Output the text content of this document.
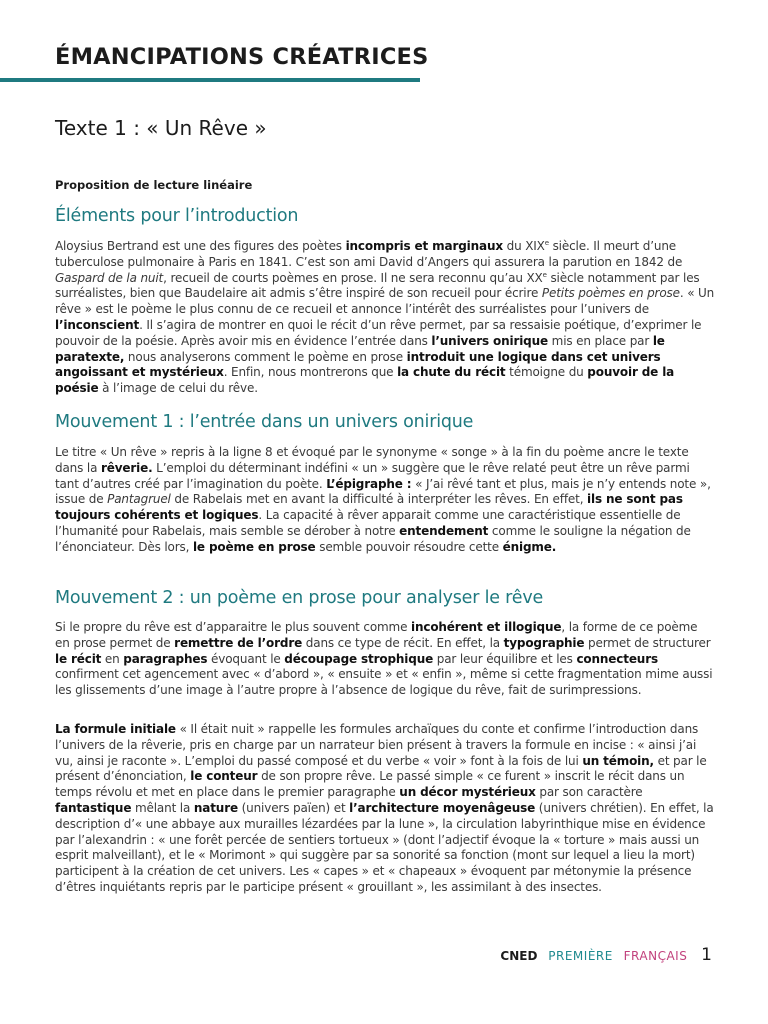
ÉMANCIPATIONS CRÉATRICES
Texte 1 : « Un Rêve »
Proposition de lecture linéaire
Éléments pour l’introduction
Aloysius Bertrand est une des figures des poètes incompris et marginaux du XIXe siècle. Il meurt d’une tuberculose pulmonaire à Paris en 1841. C’est son ami David d’Angers qui assurera la parution en 1842 de Gaspard de la nuit, recueil de courts poèmes en prose. Il ne sera reconnu qu’au XXe siècle notamment par les surréalistes, bien que Baudelaire ait admis s’être inspiré de son recueil pour écrire Petits poèmes en prose. « Un rêve » est le poème le plus connu de ce recueil et annonce l’intérêt des surréalistes pour l’univers de l’inconscient. Il s’agira de montrer en quoi le récit d’un rêve permet, par sa ressaisie poétique, d’exprimer le pouvoir de la poésie. Après avoir mis en évidence l’entrée dans l’univers onirique mis en place par le paratexte, nous analyserons comment le poème en prose introduit une logique dans cet univers angoissant et mystérieux. Enfin, nous montrerons que la chute du récit témoigne du pouvoir de la poésie à l’image de celui du rêve.
Mouvement 1 : l’entrée dans un univers onirique
Le titre « Un rêve » repris à la ligne 8 et évoqué par le synonyme « songe » à la fin du poème ancre le texte dans la rêverie. L’emploi du déterminant indéfini « un » suggère que le rêve relaté peut être un rêve parmi tant d’autres créé par l’imagination du poète. L’épigraphe : « J’ai rêvé tant et plus, mais je n’y entends note », issue de Pantagruel de Rabelais met en avant la difficulté à interpréter les rêves. En effet, ils ne sont pas toujours cohérents et logiques. La capacité à rêver apparait comme une caractéristique essentielle de l’humanité pour Rabelais, mais semble se dérober à notre entendement comme le souligne la négation de l’énonciateur. Dès lors, le poème en prose semble pouvoir résoudre cette énigme.
Mouvement 2 : un poème en prose pour analyser le rêve
Si le propre du rêve est d’apparaitre le plus souvent comme incohérent et illogique, la forme de ce poème en prose permet de remettre de l’ordre dans ce type de récit. En effet, la typographie permet de structurer le récit en paragraphes évoquant le découpage strophique par leur équilibre et les connecteurs confirment cet agencement avec « d’abord », « ensuite » et « enfin », même si cette fragmentation mime aussi les glissements d’une image à l’autre propre à l’absence de logique du rêve, fait de surimpressions.
La formule initiale « Il était nuit » rappelle les formules archaïques du conte et confirme l’introduction dans l’univers de la rêverie, pris en charge par un narrateur bien présent à travers la formule en incise : « ainsi j’ai vu, ainsi je raconte ». L’emploi du passé composé et du verbe « voir » font à la fois de lui un témoin, et par le présent d’énonciation, le conteur de son propre rêve. Le passé simple « ce furent » inscrit le récit dans un temps révolu et met en place dans le premier paragraphe un décor mystérieux par son caractère fantastique mêlant la nature (univers païen) et l’architecture moyenâgeuse (univers chrétien). En effet, la description d’« une abbaye aux murailles lézardées par la lune », la circulation labyrinthique mise en évidence par l’alexandrin : « une forêt percée de sentiers tortueux » (dont l’adjectif évoque la « torture » mais aussi un esprit malveillant), et le « Morimont » qui suggère par sa sonorité sa fonction (mont sur lequel a lieu la mort) participent à la création de cet univers. Les « capes » et « chapeaux » évoquent par métonymie la présence d’êtres inquiétants repris par le participe présent « grouillant », les assimilant à des insectes.
CNED PREMIÈRE FRANÇAIS 1
